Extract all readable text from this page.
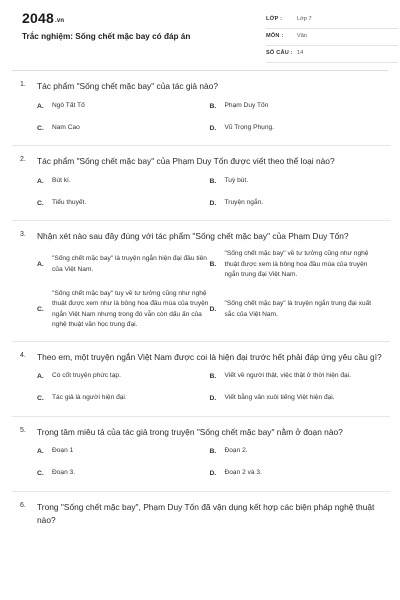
2048.vn
Trắc nghiệm: Sống chết mặc bay có đáp án
LỚP :	Lớp 7
MÔN : Văn
SỐ CÂU : 14
1.	Tác phẩm "Sống chết mặc bay" của tác giả nào?
A.	Ngô Tất Tố	B.	Phạm Duy Tốn
C.	Nam Cao	D.	Vũ Trọng Phụng.
2.	Tác phẩm "Sống chết mặc bay" của Phạm Duy Tốn được viết theo thể loại nào?
A.	Bút kí.	B.	Tuỳ bút.
C.	Tiểu thuyết.	D.	Truyện ngắn.
3.	Nhận xét nào sau đây đúng với tác phẩm "Sống chết mặc bay" của Phạm Duy Tốn?
A.
"Sống chết mặc bay" là truyện ngắn hiện đại đầu tiên của Việt Nam.
B.
"Sống chết mặc bay" về tư tưởng cũng như nghệ thuật được xem là bông hoa đầu mùa của truyện ngắn trung đại Việt Nam.
C.
"Sống chết mặc bay" tuy về tư tưởng cũng như nghệ thuật được xem như là bông hoa đầu mùa của truyện ngắn Việt Nam nhưng trong đó vẫn còn dấu ấn của nghệ thuật văn học trung đại.
D.
"Sống chết mặc bay" là truyện ngắn trung đại xuất sắc của Việt Nam.
4.	Theo em, một truyện ngắn Việt Nam được coi là hiện đại trước hết phải đáp ứng yêu cầu gì?
A.	Có cốt truyện phức tạp.	B.	Viết về người thật, việc thật ở thời hiện đại.
C.	Tác giả là người hiện đại.	D.	Viết bằng văn xuôi tiếng Việt hiện đại.
5.	Trọng tâm miêu tả của tác giả trong truyện "Sống chết mặc bay" nằm ở đoạn nào?
A.	Đoạn 1	B.	Đoạn 2.
C.	Đoạn 3.	D.	Đoạn 2 và 3.
6.	Trong "Sống chết mặc bay", Phạm Duy Tốn đã vận dụng kết hợp các biện pháp nghệ thuật nào?
